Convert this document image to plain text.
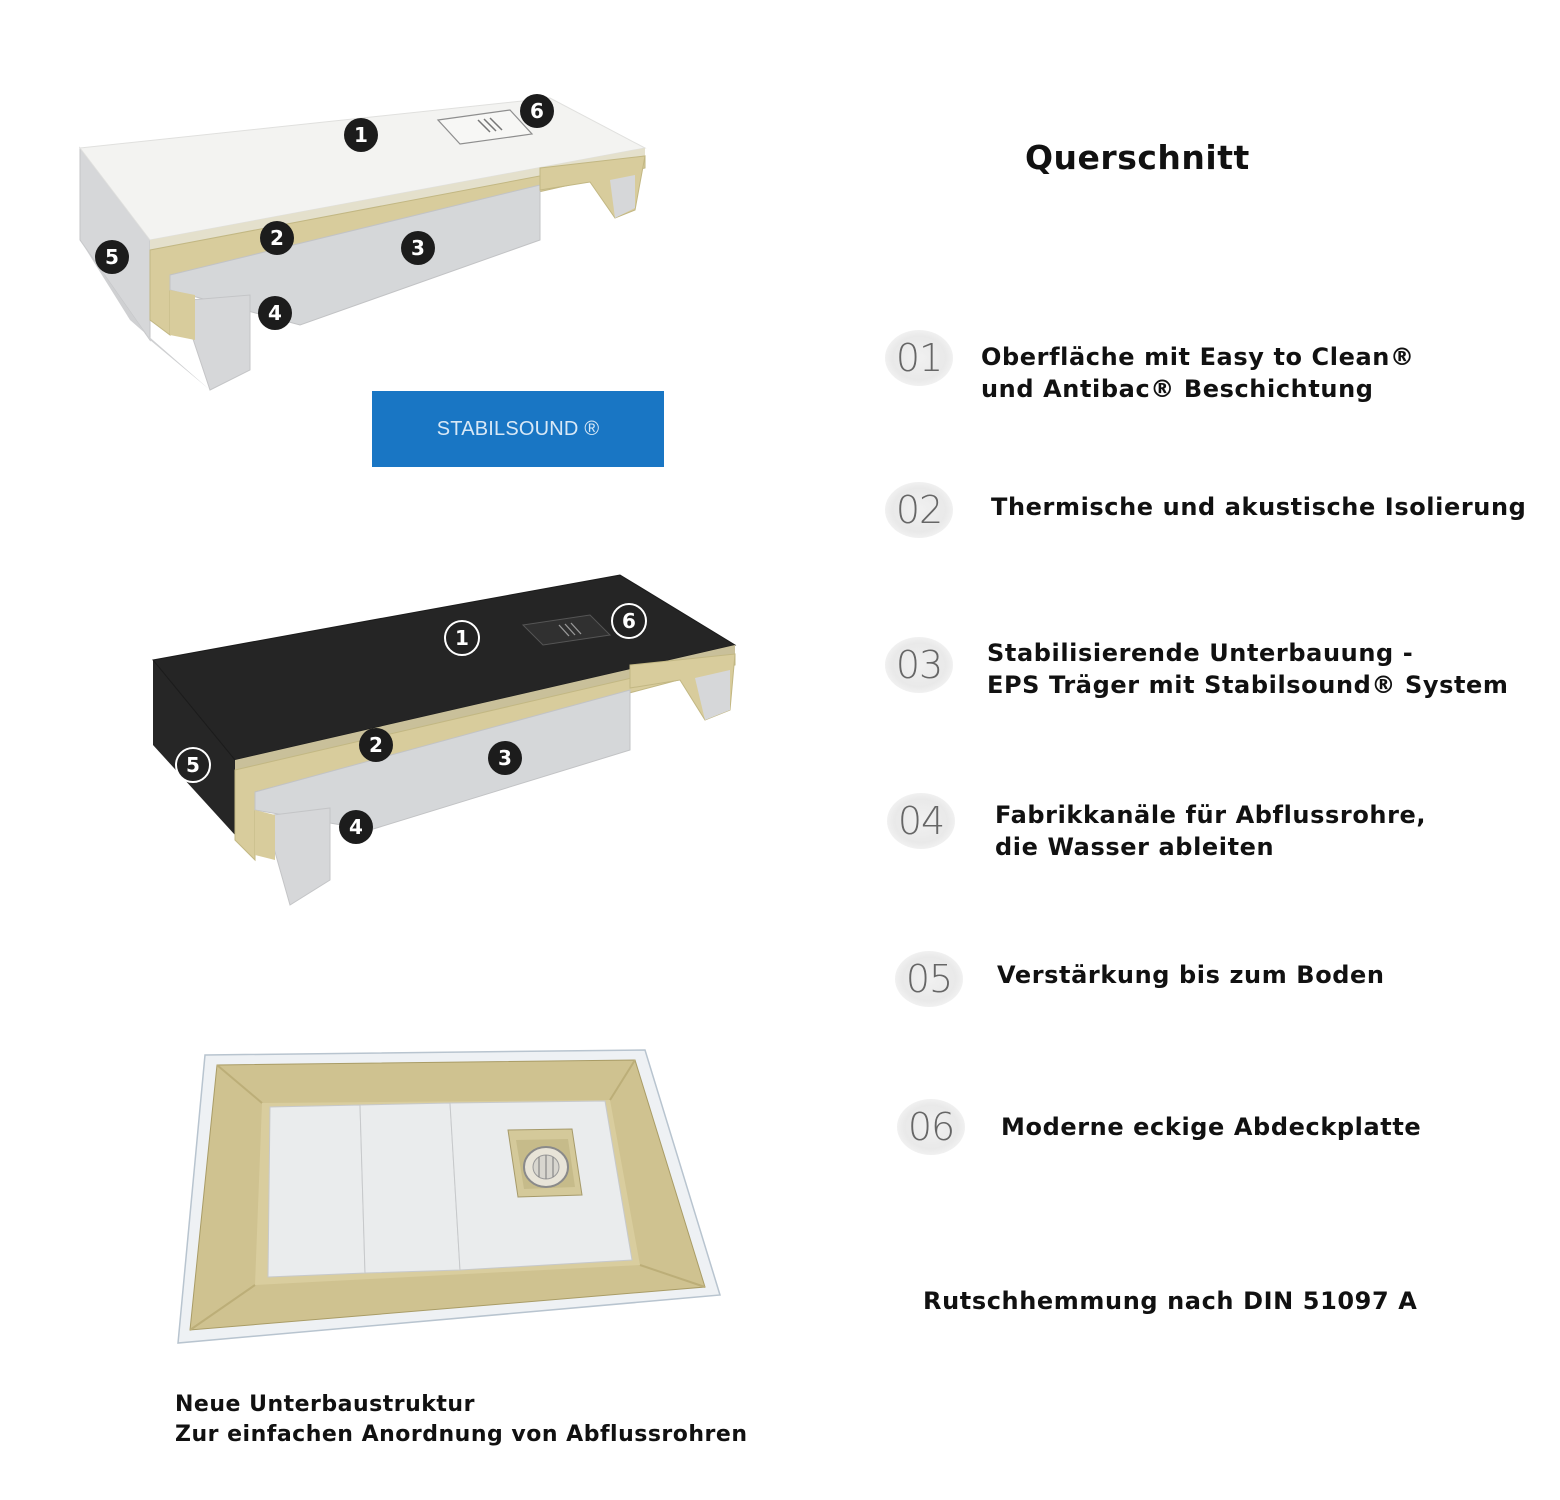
Querschnitt
1
6
2	3
5
4
STABILSOUND ®
1
6
2
3
5
4
01	Oberfläche mit Easy to Clean®
und Antibac® Beschichtung
02	Thermische und akustische Isolierung
03	Stabilisierende Unterbauung -
EPS Träger mit Stabilsound® System
04	Fabrikkanäle für Abflussrohre,
die Wasser ableiten
05	Verstärkung bis zum Boden
06	Moderne eckige Abdeckplatte
Rutschhemmung nach DIN 51097 A
Neue Unterbaustruktur
Zur einfachen Anordnung von Abflussrohren
